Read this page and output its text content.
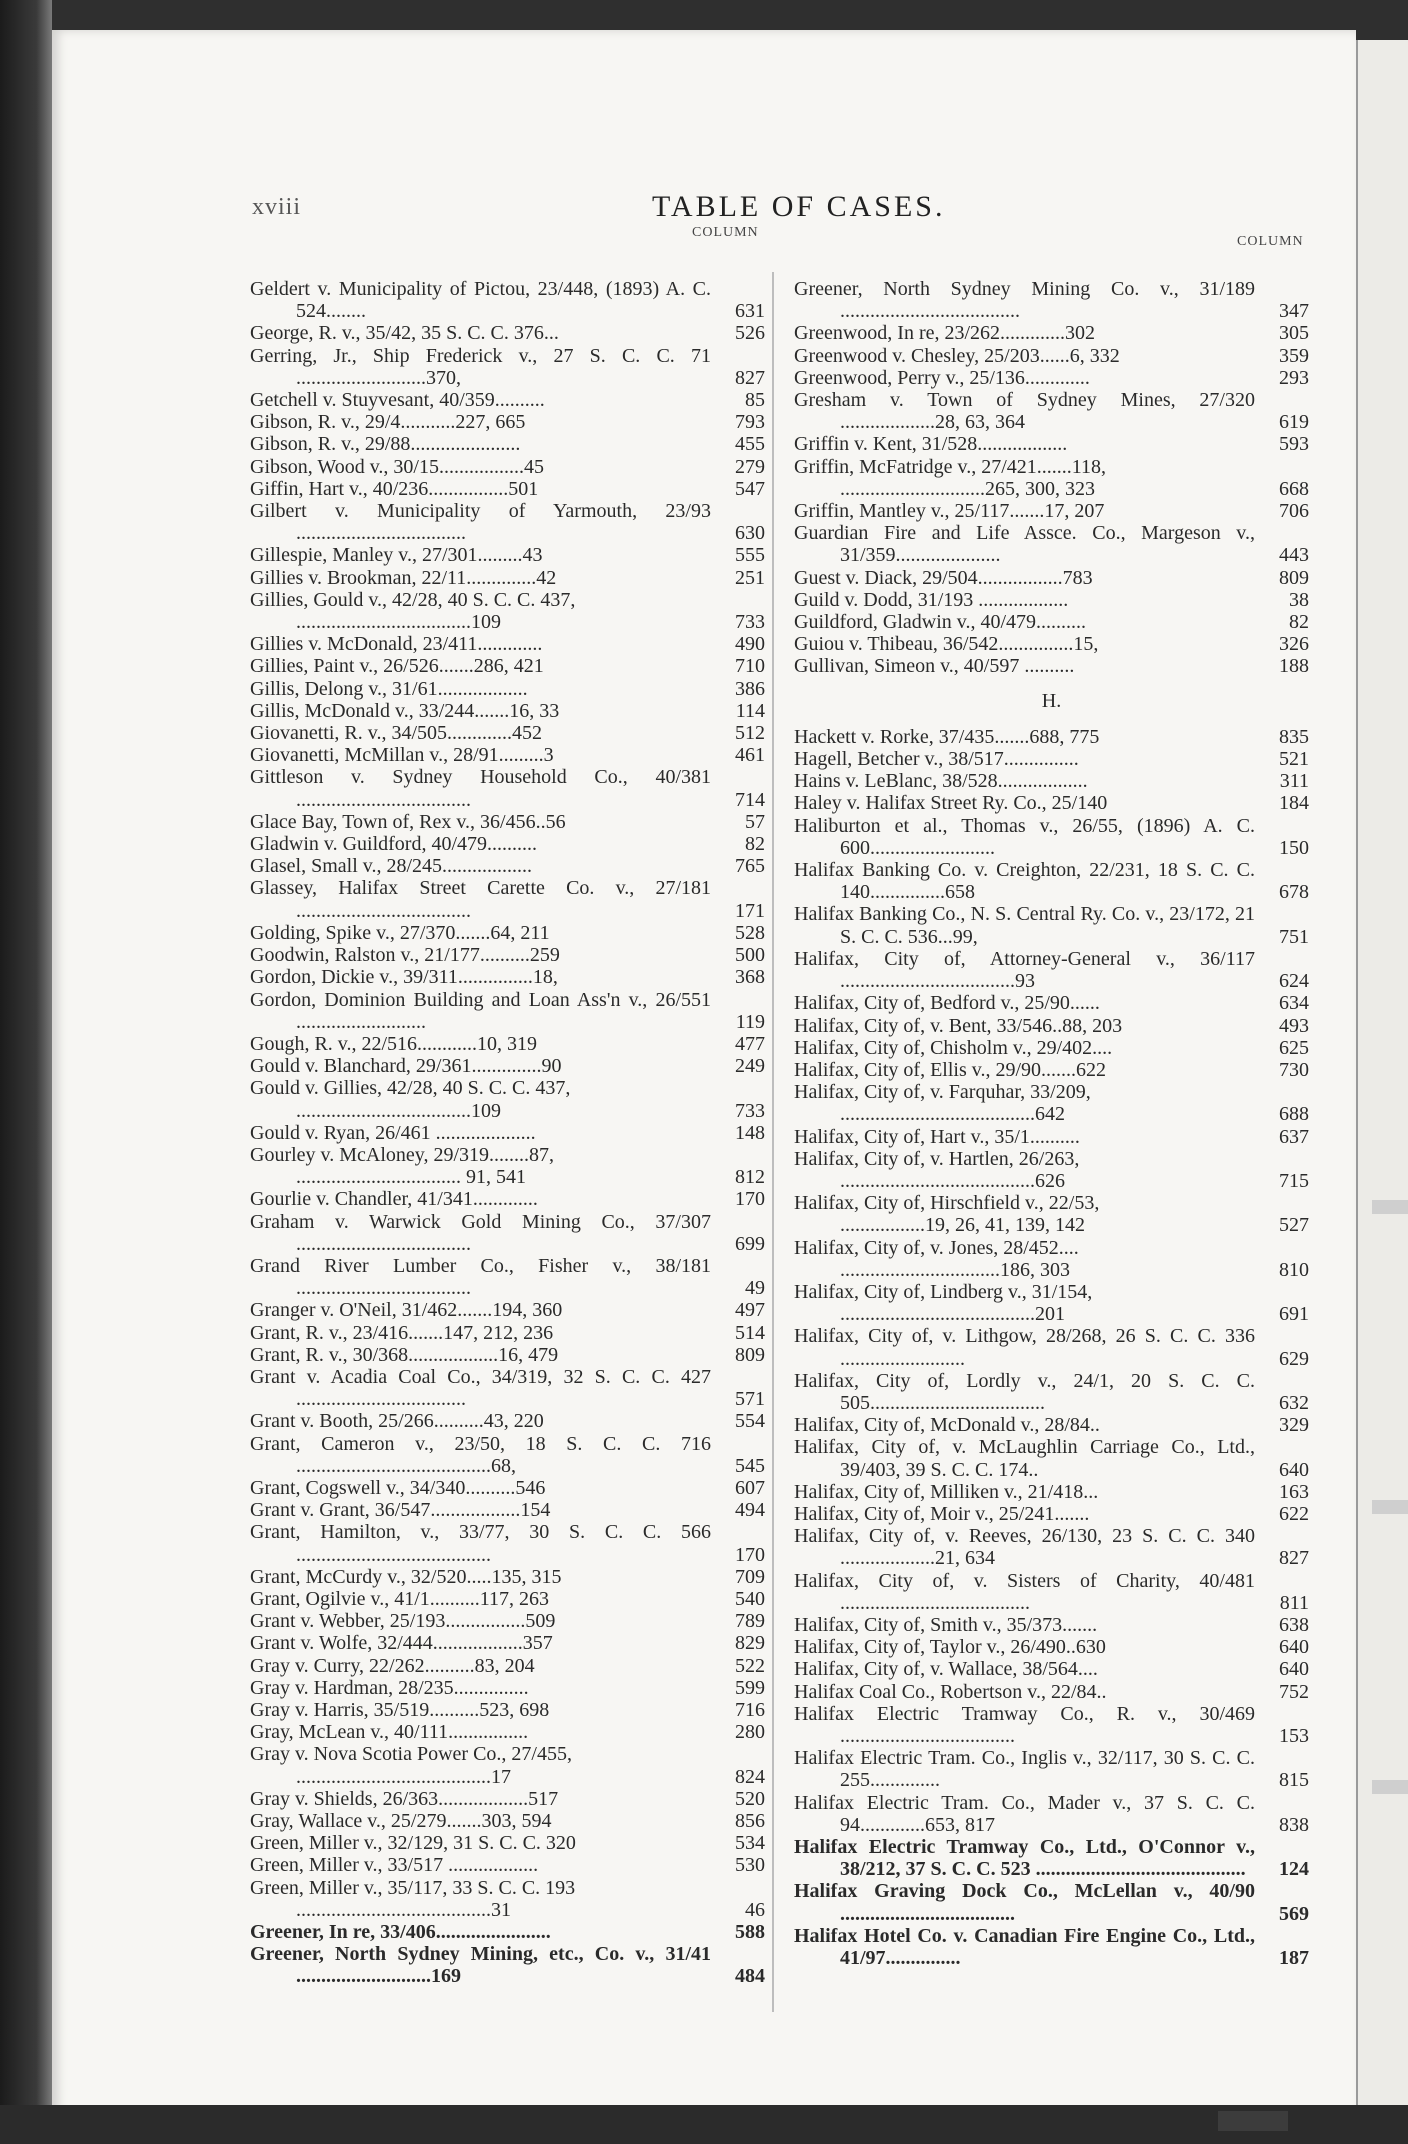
xviii	TABLE OF CASES.
COLUMN
COLUMN
Geldert v. Municipality of Pictou, 23/448, (1893) A. C. 524........	631
George, R. v., 35/42, 35 S. C. C. 376...	526
Gerring, Jr., Ship Frederick v., 27 S. C. C. 71 ..........................370,	827
Getchell v. Stuyvesant, 40/359..........	85
Gibson, R. v., 29/4...........227, 665	793
Gibson, R. v., 29/88......................	455
Gibson, Wood v., 30/15.................45	279
Giffin, Hart v., 40/236................501	547
Gilbert v. Municipality of Yarmouth, 23/93 ..................................	630
Gillespie, Manley v., 27/301.........43	555
Gillies v. Brookman, 22/11..............42	251
Gillies, Gould v., 42/28, 40 S. C. C. 437,
...................................109	733
Gillies v. McDonald, 23/411.............	490
Gillies, Paint v., 26/526.......286, 421	710
Gillis, Delong v., 31/61..................	386
Gillis, McDonald v., 33/244.......16, 33	114
Giovanetti, R. v., 34/505.............452	512
Giovanetti, McMillan v., 28/91.........3	461
Gittleson v. Sydney Household Co., 40/381 ...................................	714
Glace Bay, Town of, Rex v., 36/456..56	57
Gladwin v. Guildford, 40/479..........	82
Glasel, Small v., 28/245..................	765
Glassey, Halifax Street Carette Co. v., 27/181 ...................................	171
Golding, Spike v., 27/370.......64, 211	528
Goodwin, Ralston v., 21/177..........259	500
Gordon, Dickie v., 39/311...............18,	368
Gordon, Dominion Building and Loan Ass'n v., 26/551 ..........................	119
Gough, R. v., 22/516............10, 319	477
Gould v. Blanchard, 29/361..............90	249
Gould v. Gillies, 42/28, 40 S. C. C. 437,
...................................109	733
Gould v. Ryan, 26/461 ....................	148
Gourley v. McAloney, 29/319........87,
................................. 91, 541	812
Gourlie v. Chandler, 41/341.............	170
Graham v. Warwick Gold Mining Co., 37/307 ...................................	699
Grand River Lumber Co., Fisher v., 38/181 ...................................	49
Granger v. O'Neil, 31/462.......194, 360	497
Grant, R. v., 23/416.......147, 212, 236	514
Grant, R. v., 30/368..................16, 479	809
Grant v. Acadia Coal Co., 34/319, 32 S. C. C. 427 ..................................	571
Grant v. Booth, 25/266..........43, 220	554
Grant, Cameron v., 23/50, 18 S. C. C. 716 .......................................68,	545
Grant, Cogswell v., 34/340..........546	607
Grant v. Grant, 36/547..................154	494
Grant, Hamilton, v., 33/77, 30 S. C. C. 566 .......................................	170
Grant, McCurdy v., 32/520.....135, 315	709
Grant, Ogilvie v., 41/1..........117, 263	540
Grant v. Webber, 25/193................509	789
Grant v. Wolfe, 32/444..................357	829
Gray v. Curry, 22/262..........83, 204	522
Gray v. Hardman, 28/235...............	599
Gray v. Harris, 35/519..........523, 698	716
Gray, McLean v., 40/111................	280
Gray v. Nova Scotia Power Co., 27/455,
.......................................17	824
Gray v. Shields, 26/363..................517	520
Gray, Wallace v., 25/279.......303, 594	856
Green, Miller v., 32/129, 31 S. C. C. 320	534
Green, Miller v., 33/517 ..................	530
Green, Miller v., 35/117, 33 S. C. C. 193
.......................................31	46
Greener, In re, 33/406.......................	588
Greener, North Sydney Mining, etc., Co. v., 31/41 ...........................169	484
Greener, North Sydney Mining Co. v., 31/189 ....................................	347
Greenwood, In re, 23/262.............302	305
Greenwood v. Chesley, 25/203......6, 332	359
Greenwood, Perry v., 25/136.............	293
Gresham v. Town of Sydney Mines, 27/320 ...................28, 63, 364	619
Griffin v. Kent, 31/528..................	593
Griffin, McFatridge v., 27/421.......118,
.............................265, 300, 323	668
Griffin, Mantley v., 25/117.......17, 207	706
Guardian Fire and Life Assce. Co., Margeson v., 31/359.....................	443
Guest v. Diack, 29/504.................783	809
Guild v. Dodd, 31/193 ..................	38
Guildford, Gladwin v., 40/479..........	82
Guiou v. Thibeau, 36/542...............15,	326
Gullivan, Simeon v., 40/597 ..........	188
H.
Hackett v. Rorke, 37/435.......688, 775	835
Hagell, Betcher v., 38/517...............	521
Hains v. LeBlanc, 38/528..................	311
Haley v. Halifax Street Ry. Co., 25/140	184
Haliburton et al., Thomas v., 26/55, (1896) A. C. 600.........................	150
Halifax Banking Co. v. Creighton, 22/231, 18 S. C. C. 140...............658	678
Halifax Banking Co., N. S. Central Ry. Co. v., 23/172, 21 S. C. C. 536...99,	751
Halifax, City of, Attorney-General v., 36/117 ...................................93	624
Halifax, City of, Bedford v., 25/90......	634
Halifax, City of, v. Bent, 33/546..88, 203	493
Halifax, City of, Chisholm v., 29/402....	625
Halifax, City of, Ellis v., 29/90.......622	730
Halifax, City of, v. Farquhar, 33/209,
.......................................642	688
Halifax, City of, Hart v., 35/1..........	637
Halifax, City of, v. Hartlen, 26/263,
.......................................626	715
Halifax, City of, Hirschfield v., 22/53,
.................19, 26, 41, 139, 142	527
Halifax, City of, v. Jones, 28/452....
................................186, 303	810
Halifax, City of, Lindberg v., 31/154,
.......................................201	691
Halifax, City of, v. Lithgow, 28/268, 26 S. C. C. 336 .........................	629
Halifax, City of, Lordly v., 24/1, 20 S. C. C. 505...................................	632
Halifax, City of, McDonald v., 28/84..	329
Halifax, City of, v. McLaughlin Carriage Co., Ltd., 39/403, 39 S. C. C. 174..	640
Halifax, City of, Milliken v., 21/418...	163
Halifax, City of, Moir v., 25/241.......	622
Halifax, City of, v. Reeves, 26/130, 23 S. C. C. 340 ...................21, 634	827
Halifax, City of, v. Sisters of Charity, 40/481 ......................................	811
Halifax, City of, Smith v., 35/373.......	638
Halifax, City of, Taylor v., 26/490..630	640
Halifax, City of, v. Wallace, 38/564....	640
Halifax Coal Co., Robertson v., 22/84..	752
Halifax Electric Tramway Co., R. v., 30/469 ...................................	153
Halifax Electric Tram. Co., Inglis v., 32/117, 30 S. C. C. 255..............	815
Halifax Electric Tram. Co., Mader v., 37 S. C. C. 94.............653, 817	838
Halifax Electric Tramway Co., Ltd., O'Connor v., 38/212, 37 S. C. C. 523 ..........................................	124
Halifax Graving Dock Co., McLellan v., 40/90 ...................................	569
Halifax Hotel Co. v. Canadian Fire Engine Co., Ltd., 41/97...............	187
